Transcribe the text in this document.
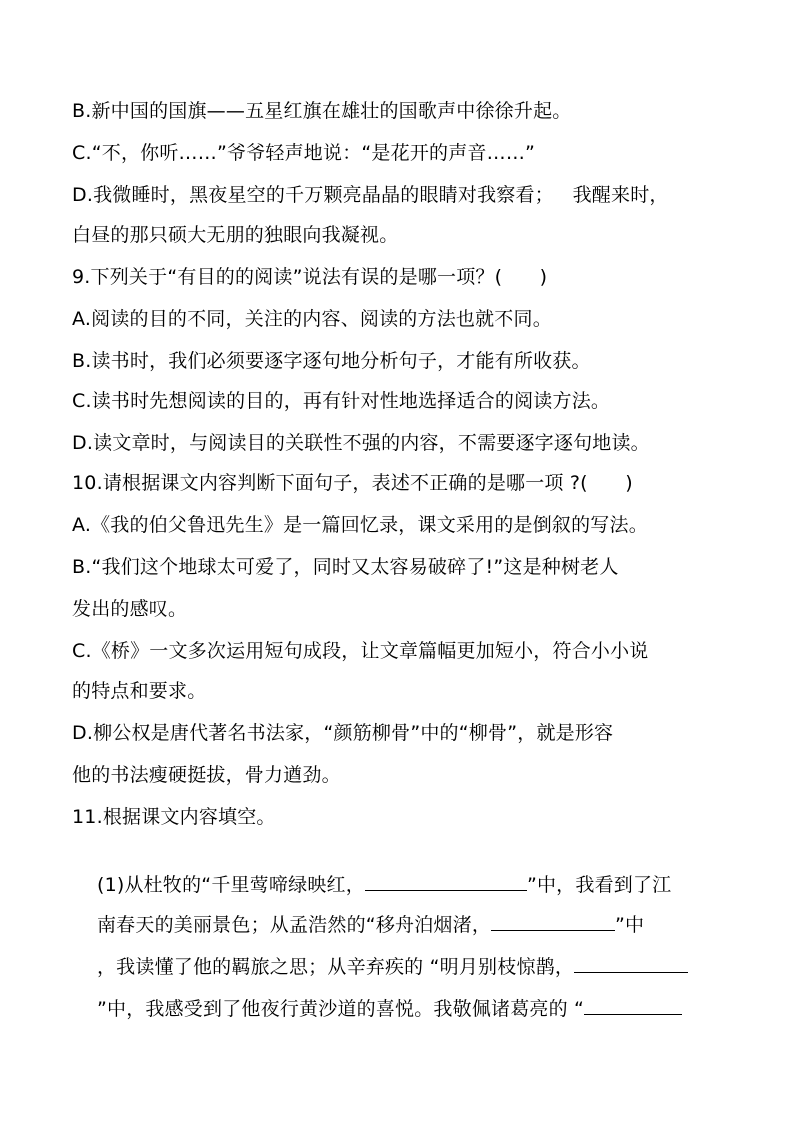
B.新中国的国旗——五星红旗在雄壮的国歌声中徐徐升起。
C.“不，你听……”爷爷轻声地说：“是花开的声音……”
D.我微睡时，黑夜星空的千万颗亮晶晶的眼睛对我察看；   我醒来时，
白昼的那只硕大无朋的独眼向我凝视。
9.下列关于“有目的的阅读”说法有误的是哪一项？(      )
A.阅读的目的不同，关注的内容、阅读的方法也就不同。
B.读书时，我们必须要逐字逐句地分析句子，才能有所收获。
C.读书时先想阅读的目的，再有针对性地选择适合的阅读方法。
D.读文章时，与阅读目的关联性不强的内容，不需要逐字逐句地读。
10.请根据课文内容判断下面句子，表述不正确的是哪一项 ?(      )
A.《我的伯父鲁迅先生》是一篇回忆录，课文采用的是倒叙的写法。
B.“我们这个地球太可爱了，同时又太容易破碎了!”这是种树老人
发出的感叹。
C.《桥》一文多次运用短句成段，让文章篇幅更加短小，符合小小说
的特点和要求。
D.柳公权是唐代著名书法家，“颜筋柳骨”中的“柳骨”，就是形容
他的书法瘦硬挺拔，骨力遒劲。
11.根据课文内容填空。

(1)从杜牧的“千里莺啼绿映红，	”中，我看到了江

南春天的美丽景色；从孟浩然的“移舟泊烟渚，	”中

，我读懂了他的羁旅之思；从辛弃疾的 “明月别枝惊鹊，

”中，我感受到了他夜行黄沙道的喜悦。我敬佩诸葛亮的 “
